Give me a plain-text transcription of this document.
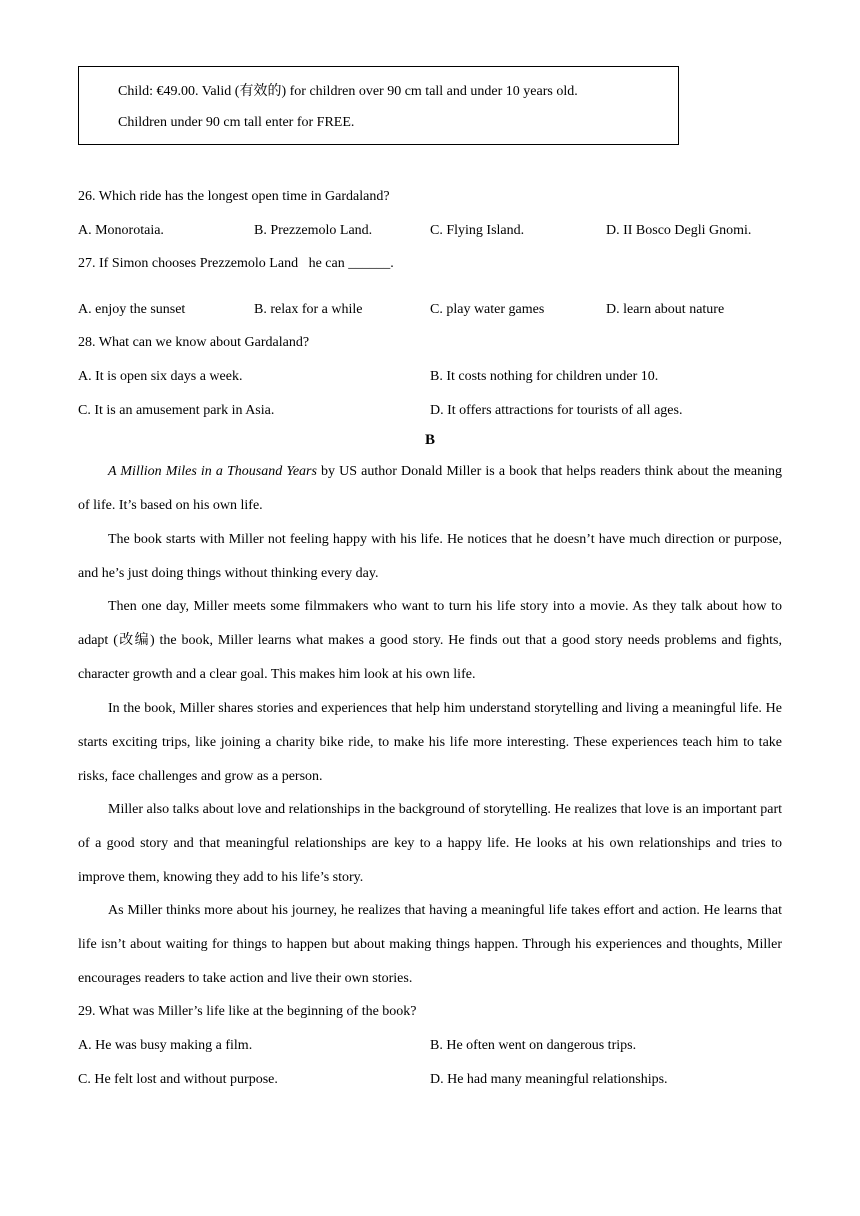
Child: €49.00. Valid (有效的) for children over 90 cm tall and under 10 years old.
Children under 90 cm tall enter for FREE.
26. Which ride has the longest open time in Gardaland?
A. Monorotaia.	B. Prezzemolo Land.	C. Flying Island.	D. II Bosco Degli Gnomi.
27. If Simon chooses Prezzemolo Land   he can ______.
A. enjoy the sunset	B. relax for a while	C. play water games	D. learn about nature
28. What can we know about Gardaland?
A. It is open six days a week.	B. It costs nothing for children under 10.
C. It is an amusement park in Asia.	D. It offers attractions for tourists of all ages.
B
A Million Miles in a Thousand Years by US author Donald Miller is a book that helps readers think about the meaning of life. It’s based on his own life.
The book starts with Miller not feeling happy with his life. He notices that he doesn’t have much direction or purpose, and he’s just doing things without thinking every day.
Then one day, Miller meets some filmmakers who want to turn his life story into a movie. As they talk about how to adapt (改编) the book, Miller learns what makes a good story. He finds out that a good story needs problems and fights, character growth and a clear goal. This makes him look at his own life.
In the book, Miller shares stories and experiences that help him understand storytelling and living a meaningful life. He starts exciting trips, like joining a charity bike ride, to make his life more interesting. These experiences teach him to take risks, face challenges and grow as a person.
Miller also talks about love and relationships in the background of storytelling. He realizes that love is an important part of a good story and that meaningful relationships are key to a happy life. He looks at his own relationships and tries to improve them, knowing they add to his life’s story.
As Miller thinks more about his journey, he realizes that having a meaningful life takes effort and action. He learns that life isn’t about waiting for things to happen but about making things happen. Through his experiences and thoughts, Miller encourages readers to take action and live their own stories.
29. What was Miller’s life like at the beginning of the book?
A. He was busy making a film.	B. He often went on dangerous trips.
C. He felt lost and without purpose.	D. He had many meaningful relationships.
